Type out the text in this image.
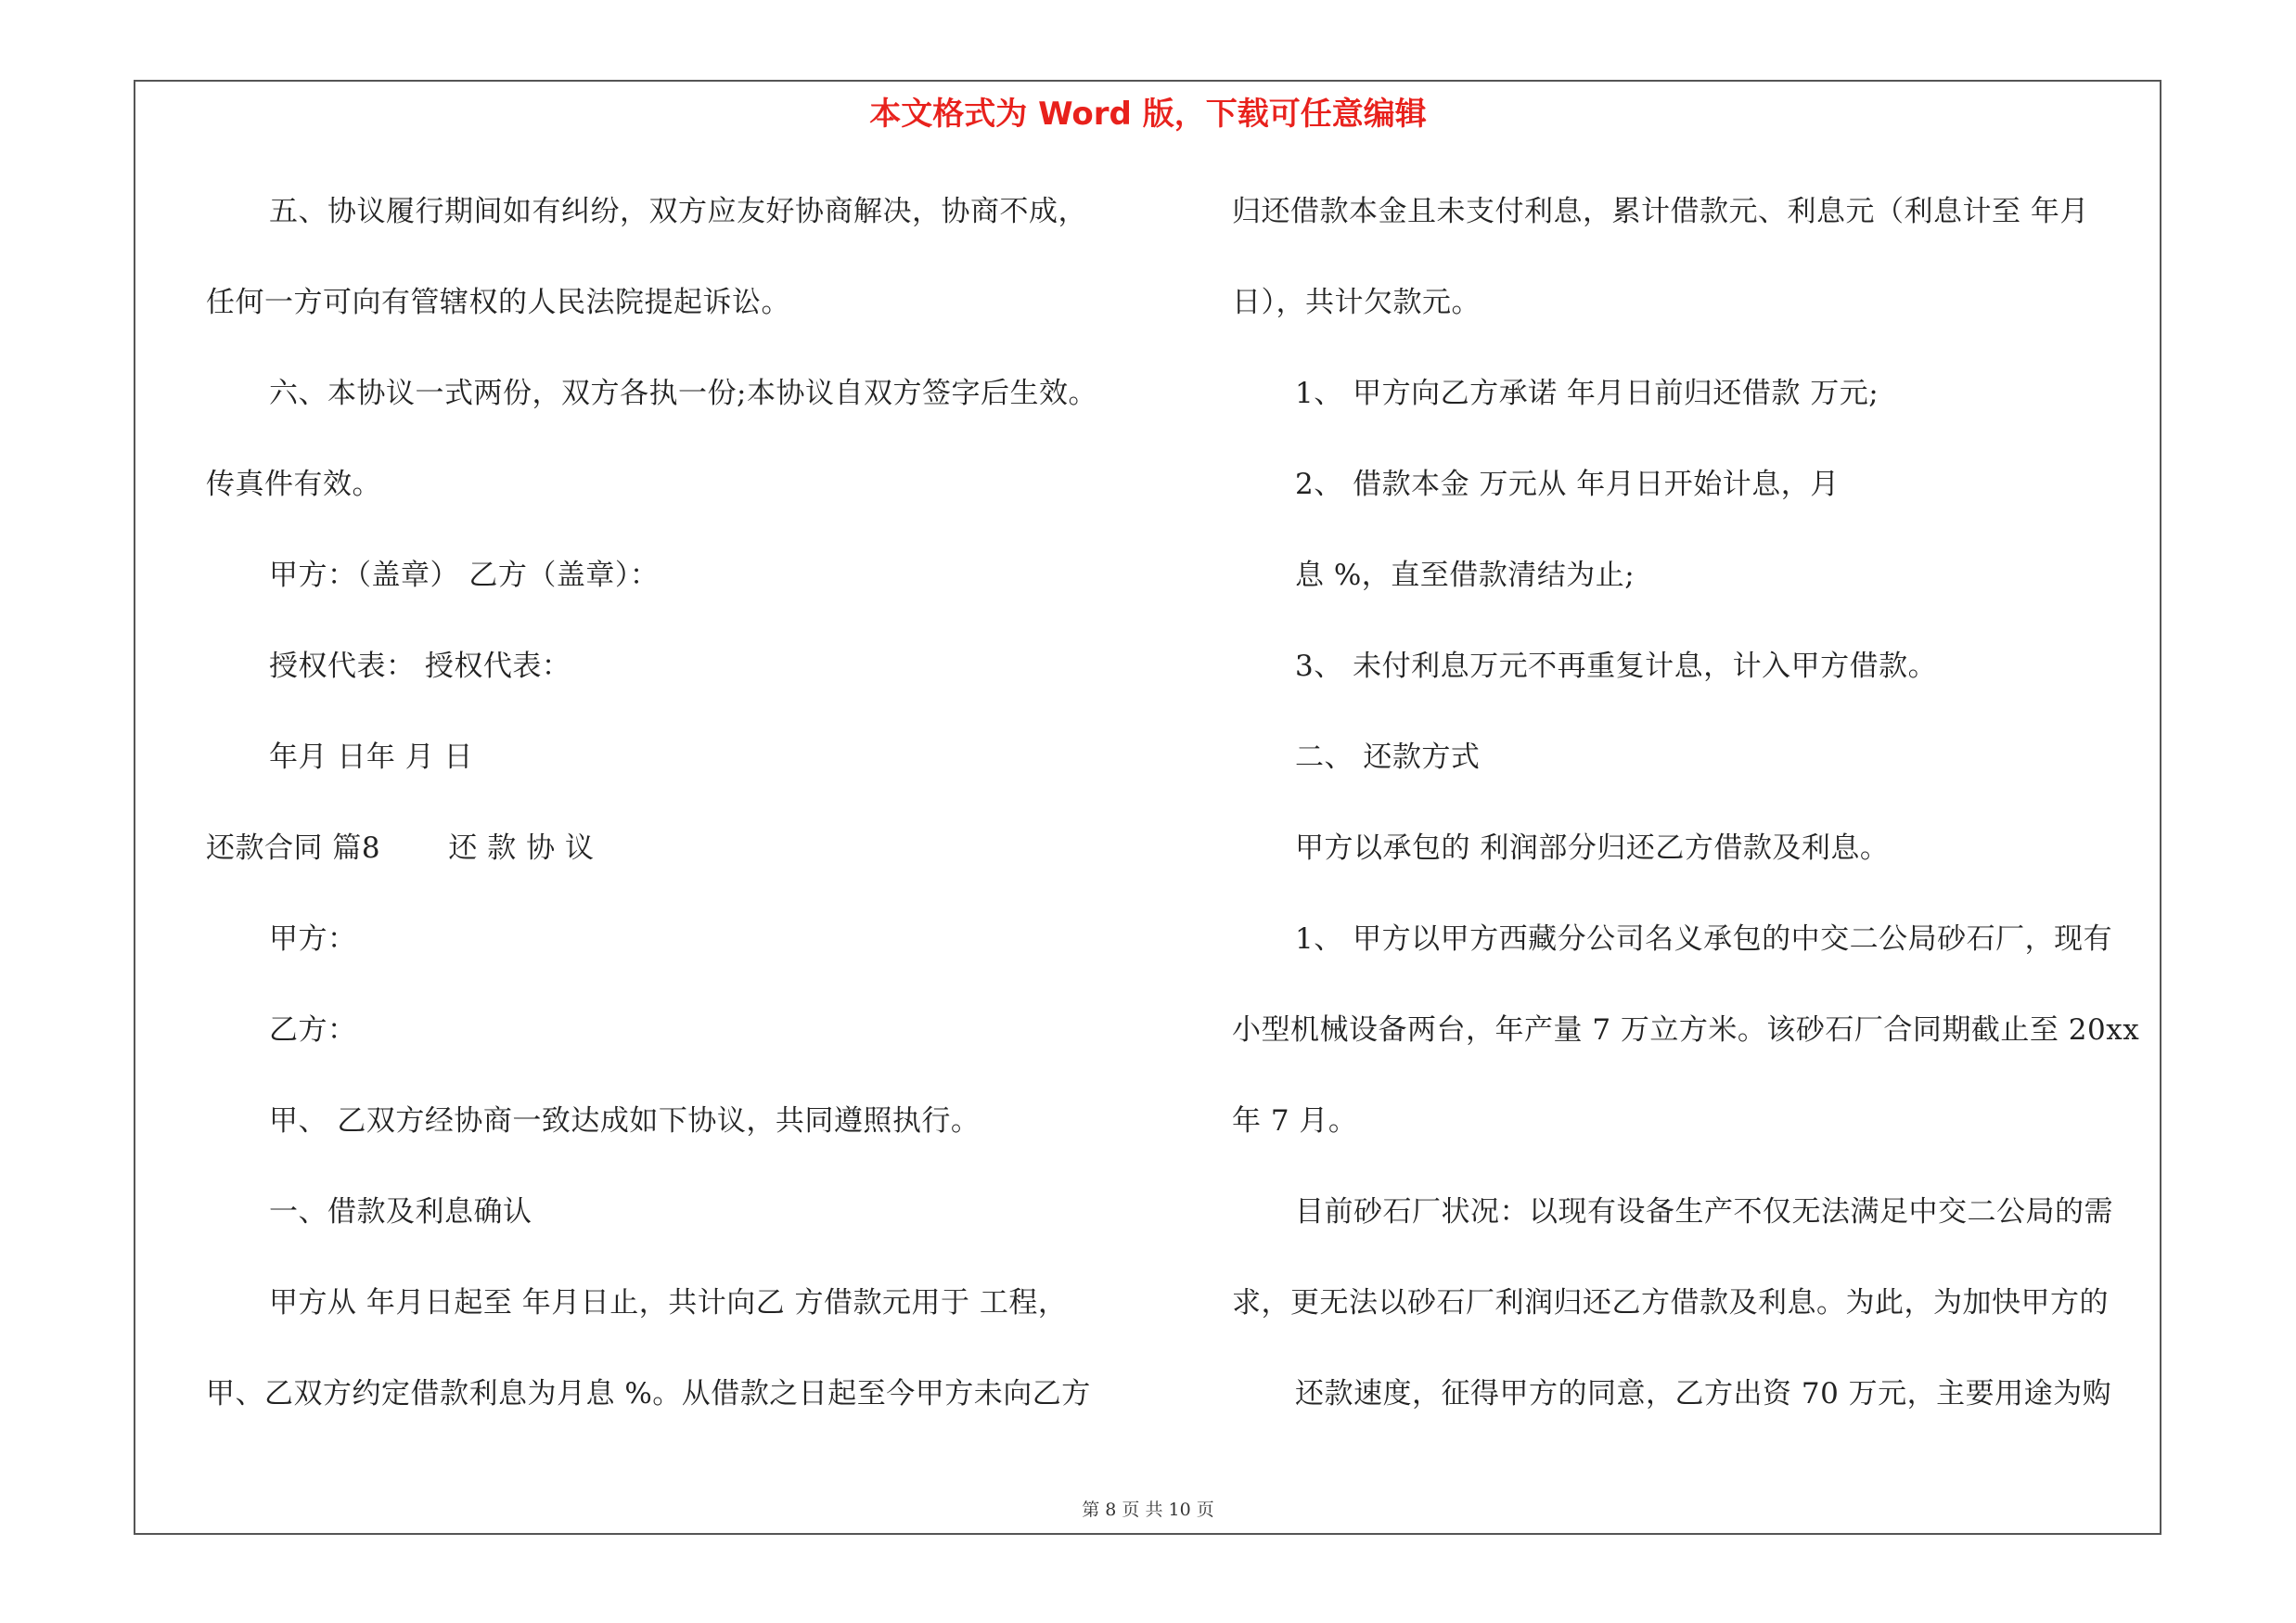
本文格式为 Word 版，下载可任意编辑
五、协议履行期间如有纠纷，双方应友好协商解决，协商不成，
任何一方可向有管辖权的人民法院提起诉讼。
六、本协议一式两份，双方各执一份;本协议自双方签字后生效。
传真件有效。
甲方：（盖章） 乙方（盖章）：
授权代表： 授权代表：
年月 日年 月 日
还款合同 篇8 　　还 款 协 议
甲方：
乙方：
甲、 乙双方经协商一致达成如下协议，共同遵照执行。
一、借款及利息确认
甲方从 年月日起至 年月日止，共计向乙 方借款元用于 工程，
甲、乙双方约定借款利息为月息 %。从借款之日起至今甲方未向乙方
归还借款本金且未支付利息，累计借款元、利息元（利息计至 年月
日），共计欠款元。
1、 甲方向乙方承诺 年月日前归还借款 万元;
2、 借款本金 万元从 年月日开始计息，月
息 %，直至借款清结为止;
3、 未付利息万元不再重复计息，计入甲方借款。
二、 还款方式
甲方以承包的 利润部分归还乙方借款及利息。
1、 甲方以甲方西藏分公司名义承包的中交二公局砂石厂，现有
小型机械设备两台，年产量 7 万立方米。该砂石厂合同期截止至 20xx
年 7 月。
目前砂石厂状况：以现有设备生产不仅无法满足中交二公局的需
求，更无法以砂石厂利润归还乙方借款及利息。为此，为加快甲方的
还款速度，征得甲方的同意，乙方出资 70 万元，主要用途为购
第 8 页 共 10 页
